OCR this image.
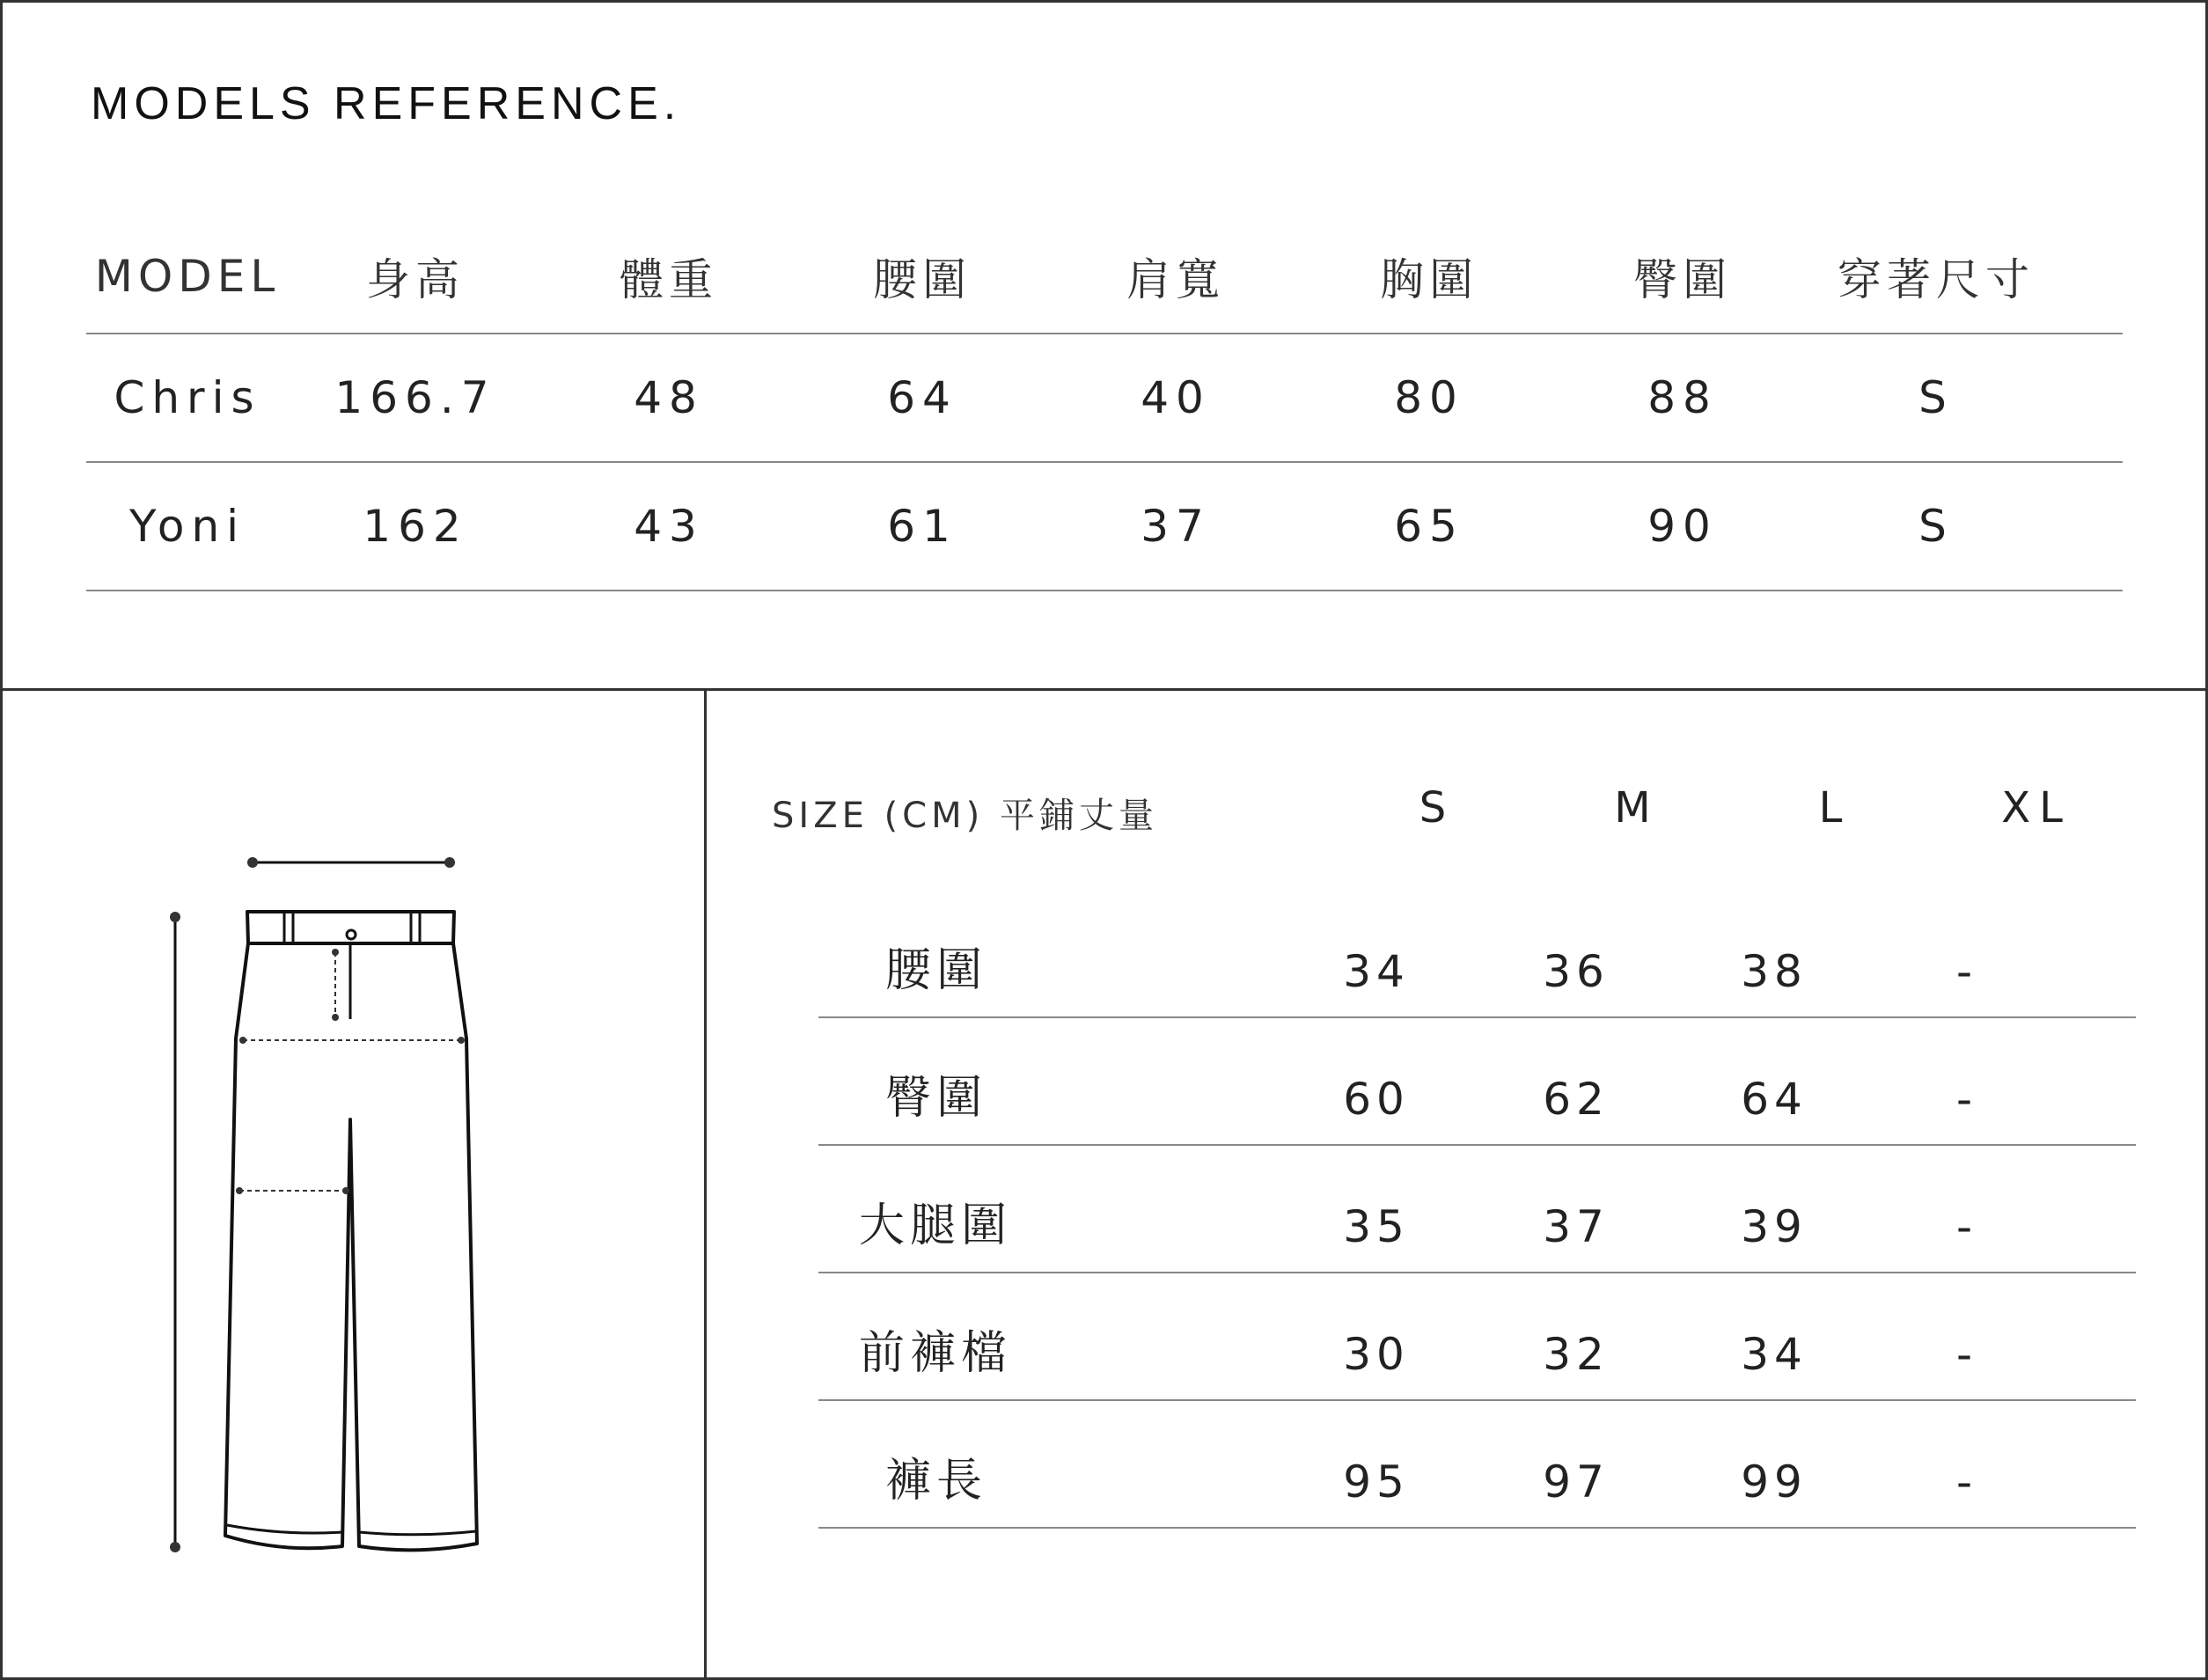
MODELS REFERENCE.
MODEL	身高	體重	腰圍	肩寬	胸圍	臀圍	穿著尺寸
Chris	166.7	48	64	40	80	88	S
Yoni	162	43	61	37	65	90	S
SIZE (CM) 平鋪丈量	S	M	L	XL
腰圍	34	36	38	-
臀圍	60	62	64	-
大腿圍	35	37	39	-
前褲檔	30	32	34	-
褲長	95	97	99	-
